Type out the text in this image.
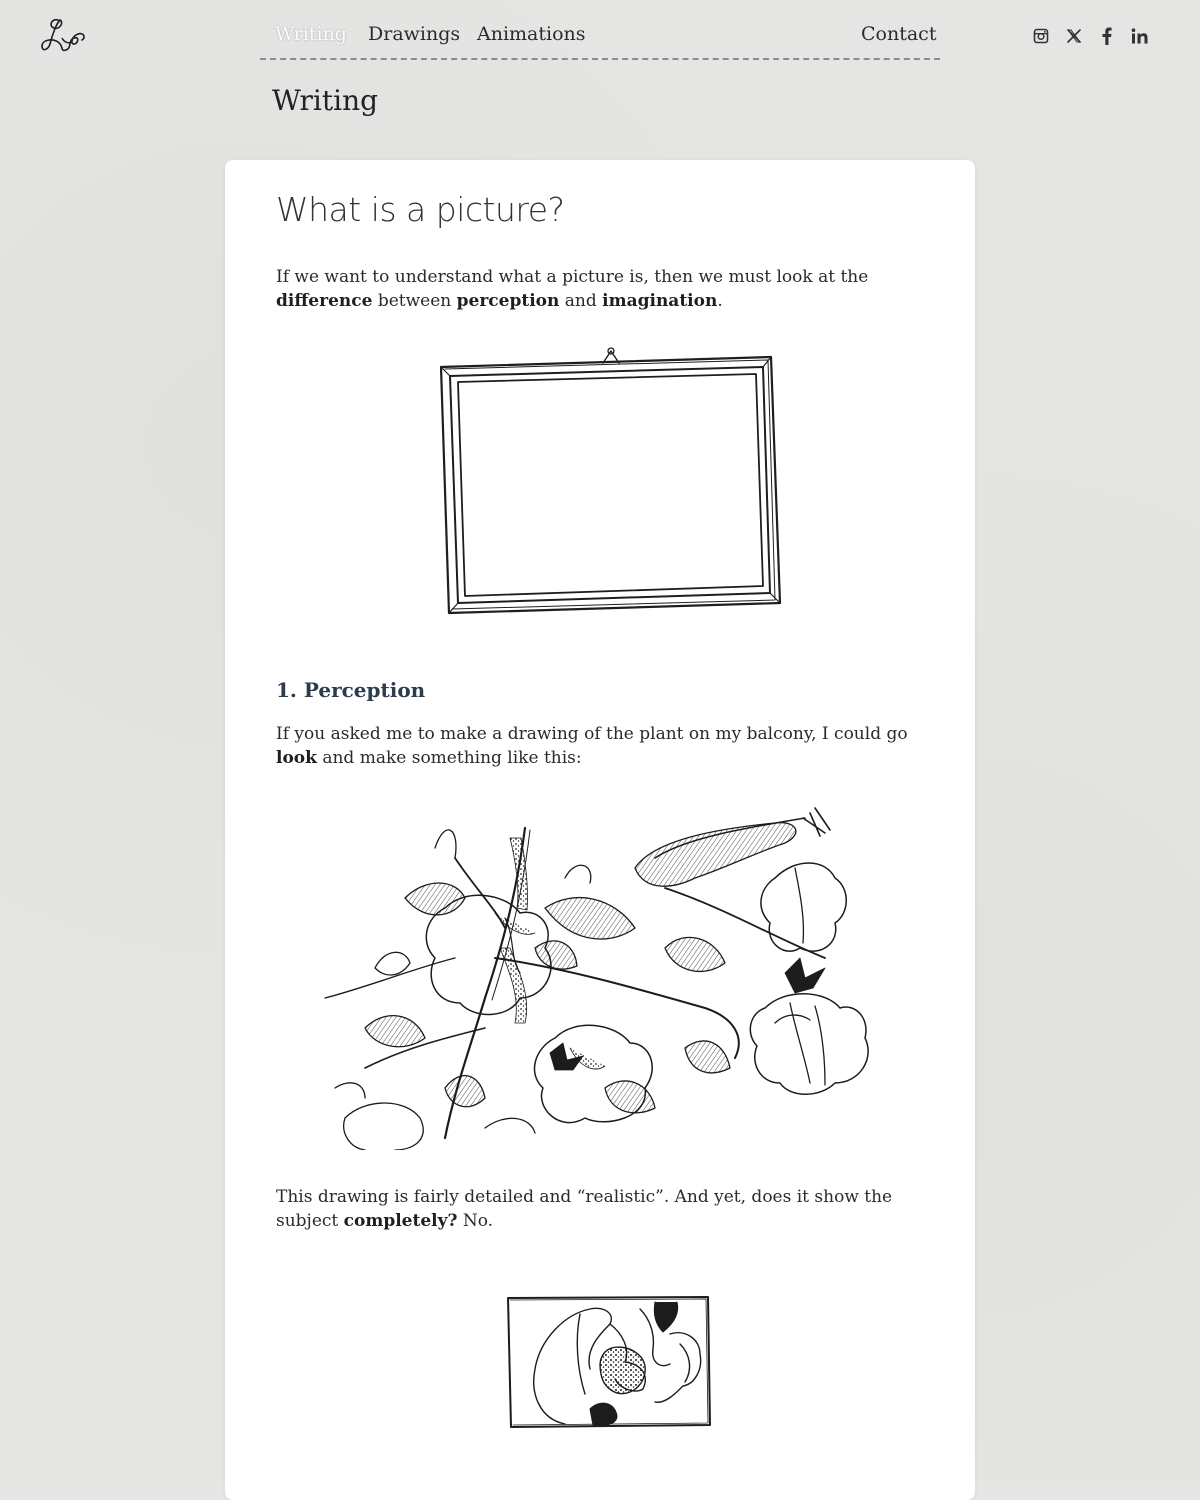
Writing Drawings Animations	Contact
Writing
What is a picture?

If we want to understand what a picture is, then we must look at the difference between perception and imagination.

1. Perception

If you asked me to make a drawing of the plant on my balcony, I could go look and make something like this:

This drawing is fairly detailed and “realistic”. And yet, does it show the subject completely? No.
